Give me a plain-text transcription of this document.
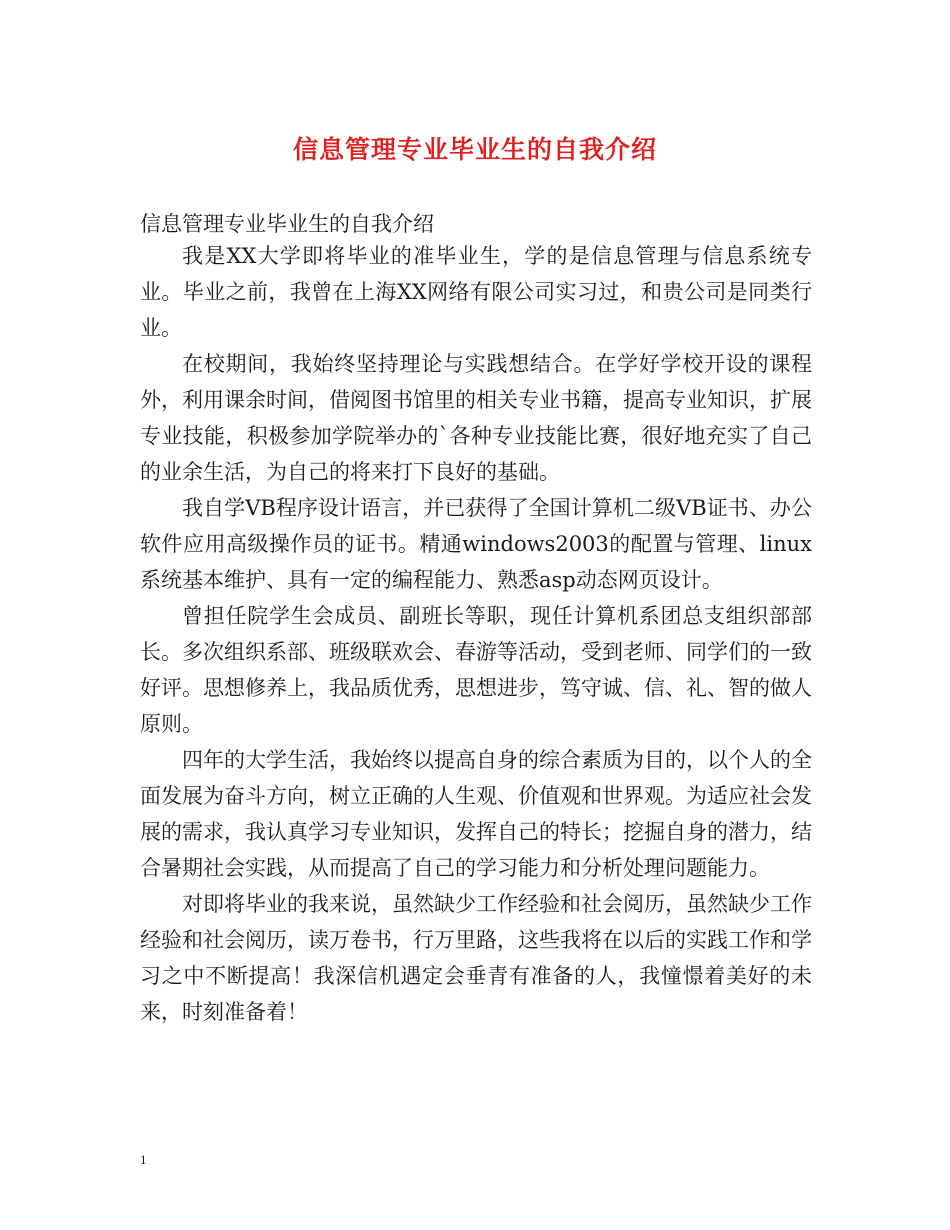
信息管理专业毕业生的自我介绍
信息管理专业毕业生的自我介绍

我是XX大学即将毕业的准毕业生，学的是信息管理与信息系统专业。毕业之前，我曾在上海XX网络有限公司实习过，和贵公司是同类行业。

在校期间，我始终坚持理论与实践想结合。在学好学校开设的课程外，利用课余时间，借阅图书馆里的相关专业书籍，提高专业知识，扩展专业技能，积极参加学院举办的`各种专业技能比赛，很好地充实了自己的业余生活，为自己的将来打下良好的基础。

我自学VB程序设计语言，并已获得了全国计算机二级VB证书、办公软件应用高级操作员的证书。精通windows2003的配置与管理、linux系统基本维护、具有一定的编程能力、熟悉asp动态网页设计。

曾担任院学生会成员、副班长等职，现任计算机系团总支组织部部长。多次组织系部、班级联欢会、春游等活动，受到老师、同学们的一致好评。思想修养上，我品质优秀，思想进步，笃守诚、信、礼、智的做人原则。

四年的大学生活，我始终以提高自身的综合素质为目的，以个人的全面发展为奋斗方向，树立正确的人生观、价值观和世界观。为适应社会发展的需求，我认真学习专业知识，发挥自己的特长；挖掘自身的潜力，结合暑期社会实践，从而提高了自己的学习能力和分析处理问题能力。

对即将毕业的我来说，虽然缺少工作经验和社会阅历，虽然缺少工作经验和社会阅历，读万卷书，行万里路，这些我将在以后的实践工作和学习之中不断提高！我深信机遇定会垂青有准备的人，我憧憬着美好的未来，时刻准备着！

1
